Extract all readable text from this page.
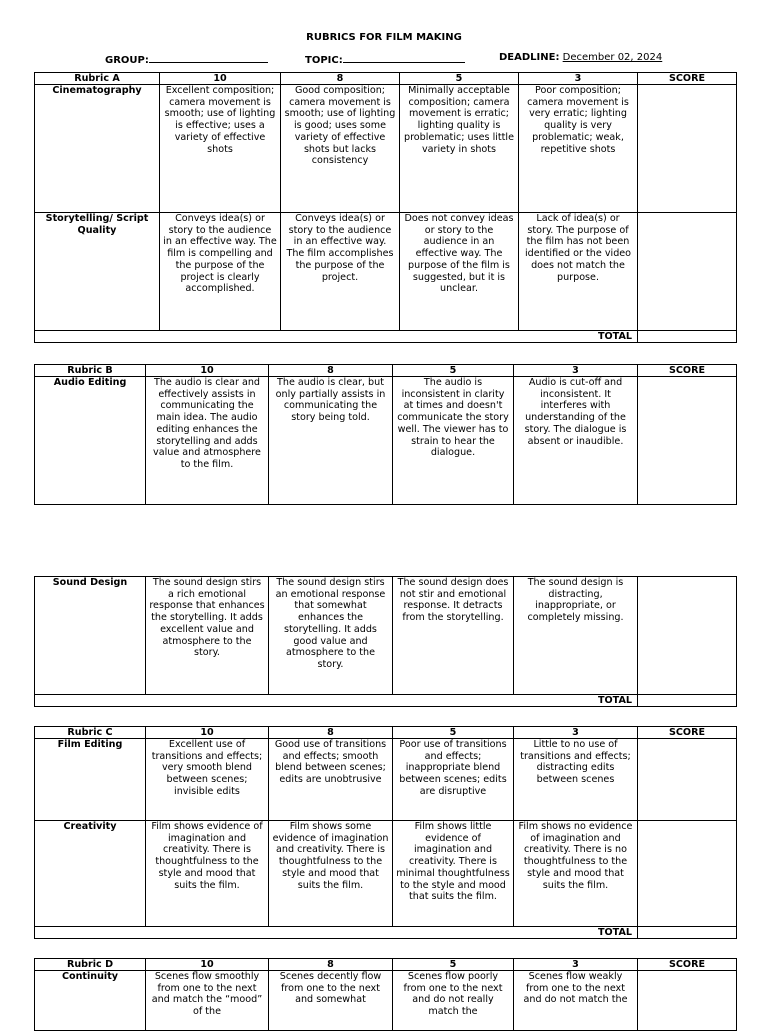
RUBRICS FOR FILM MAKING
GROUP:	TOPIC:	DEADLINE: December 02, 2024
Rubric A	10	8	5	3	SCORE
Cinematography	Excellent composition; camera movement is smooth; use of lighting is effective; uses a variety of effective shots	Good composition; camera movement is smooth; use of lighting is good; uses some variety of effective shots but lacks consistency	Minimally acceptable composition; camera movement is erratic; lighting quality is problematic; uses little variety in shots	Poor composition; camera movement is very erratic; lighting quality is very problematic; weak, repetitive shots	
Storytelling/ Script Quality	Conveys idea(s) or story to the audience in an effective way. The film is compelling and the purpose of the project is clearly accomplished.	Conveys idea(s) or story to the audience in an effective way. The film accomplishes the purpose of the project.	Does not convey ideas or story to the audience in an effective way. The purpose of the film is suggested, but it is unclear.	Lack of idea(s) or story. The purpose of the film has not been identified or the video does not match the purpose.	
TOTAL					
Rubric B	10	8	5	3	SCORE
Audio Editing	The audio is clear and effectively assists in communicating the main idea. The audio editing enhances the storytelling and adds value and atmosphere to the film.	The audio is clear, but only partially assists in communicating the story being told.	The audio is inconsistent in clarity at times and doesn't communicate the story well. The viewer has to strain to hear the dialogue.	Audio is cut-off and inconsistent. It interferes with understanding of the story. The dialogue is absent or inaudible.	
Sound Design	The sound design stirs a rich emotional response that enhances the storytelling. It adds excellent value and atmosphere to the story.	The sound design stirs an emotional response that somewhat enhances the storytelling. It adds good value and atmosphere to the story.	The sound design does not stir and emotional response. It detracts from the storytelling.	The sound design is distracting, inappropriate, or completely missing.	
TOTAL					
Rubric C	10	8	5	3	SCORE
Film Editing	Excellent use of transitions and effects; very smooth blend between scenes; invisible edits	Good use of transitions and effects; smooth blend between scenes; edits are unobtrusive	Poor use of transitions and effects; inappropriate blend between scenes; edits are disruptive	Little to no use of transitions and effects; distracting edits between scenes	
Creativity	Film shows evidence of imagination and creativity. There is thoughtfulness to the style and mood that suits the film.	Film shows some evidence of imagination and creativity. There is thoughtfulness to the style and mood that suits the film.	Film shows little evidence of imagination and creativity. There is minimal thoughtfulness to the style and mood that suits the film.	Film shows no evidence of imagination and creativity. There is no thoughtfulness to the style and mood that suits the film.	
TOTAL					
Rubric D	10	8	5	3	SCORE
Continuity	Scenes flow smoothly from one to the next and match the “mood” of the	Scenes decently flow from one to the next and somewhat	Scenes flow poorly from one to the next and do not really match the	Scenes flow weakly from one to the next and do not match the	
